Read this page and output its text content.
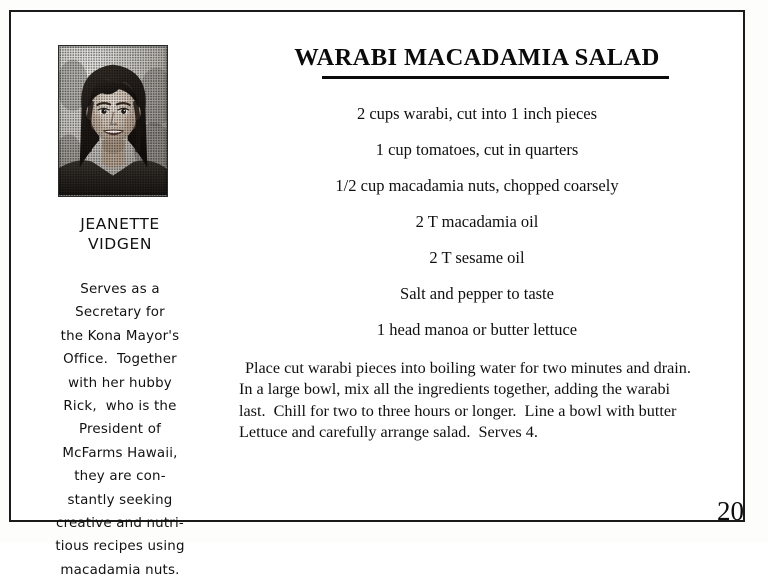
JEANETTE
VIDGEN
Serves as a
Secretary for
the Kona Mayor's
Office.  Together
with her hubby
Rick,  who is the
President of
McFarms Hawaii,
they are con-
stantly seeking
creative and nutri-
tious recipes using
macadamia nuts.
WARABI MACADAMIA SALAD
2 cups warabi, cut into 1 inch pieces
1 cup tomatoes, cut in quarters
1/2 cup macadamia nuts, chopped coarsely
2 T macadamia oil
2 T sesame oil
Salt and pepper to taste
1 head manoa or butter lettuce
Place cut warabi pieces into boiling water for two minutes and drain.
In a large bowl, mix all the ingredients together, adding the warabi
last.  Chill for two to three hours or longer.  Line a bowl with butter
Lettuce and carefully arrange salad.  Serves 4.
20
